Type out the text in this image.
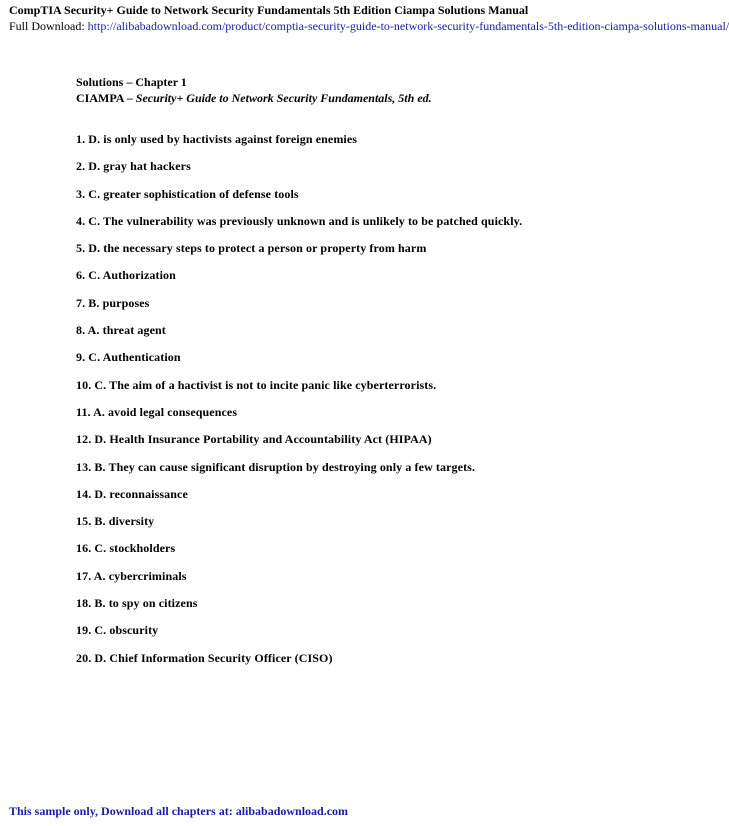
CompTIA Security+ Guide to Network Security Fundamentals 5th Edition Ciampa Solutions Manual
Full Download: http://alibabadownload.com/product/comptia-security-guide-to-network-security-fundamentals-5th-edition-ciampa-solutions-manual/
Solutions – Chapter 1
CIAMPA – Security+ Guide to Network Security Fundamentals, 5th ed.
1. D. is only used by hactivists against foreign enemies
2. D. gray hat hackers
3. C. greater sophistication of defense tools
4. C. The vulnerability was previously unknown and is unlikely to be patched quickly.
5. D. the necessary steps to protect a person or property from harm
6. C. Authorization
7. B. purposes
8. A. threat agent
9. C. Authentication
10. C. The aim of a hactivist is not to incite panic like cyberterrorists.
11. A. avoid legal consequences
12. D. Health Insurance Portability and Accountability Act (HIPAA)
13. B. They can cause significant disruption by destroying only a few targets.
14. D. reconnaissance
15. B. diversity
16. C. stockholders
17. A. cybercriminals
18. B. to spy on citizens
19. C. obscurity
20. D. Chief Information Security Officer (CISO)
This sample only, Download all chapters at: alibabadownload.com
